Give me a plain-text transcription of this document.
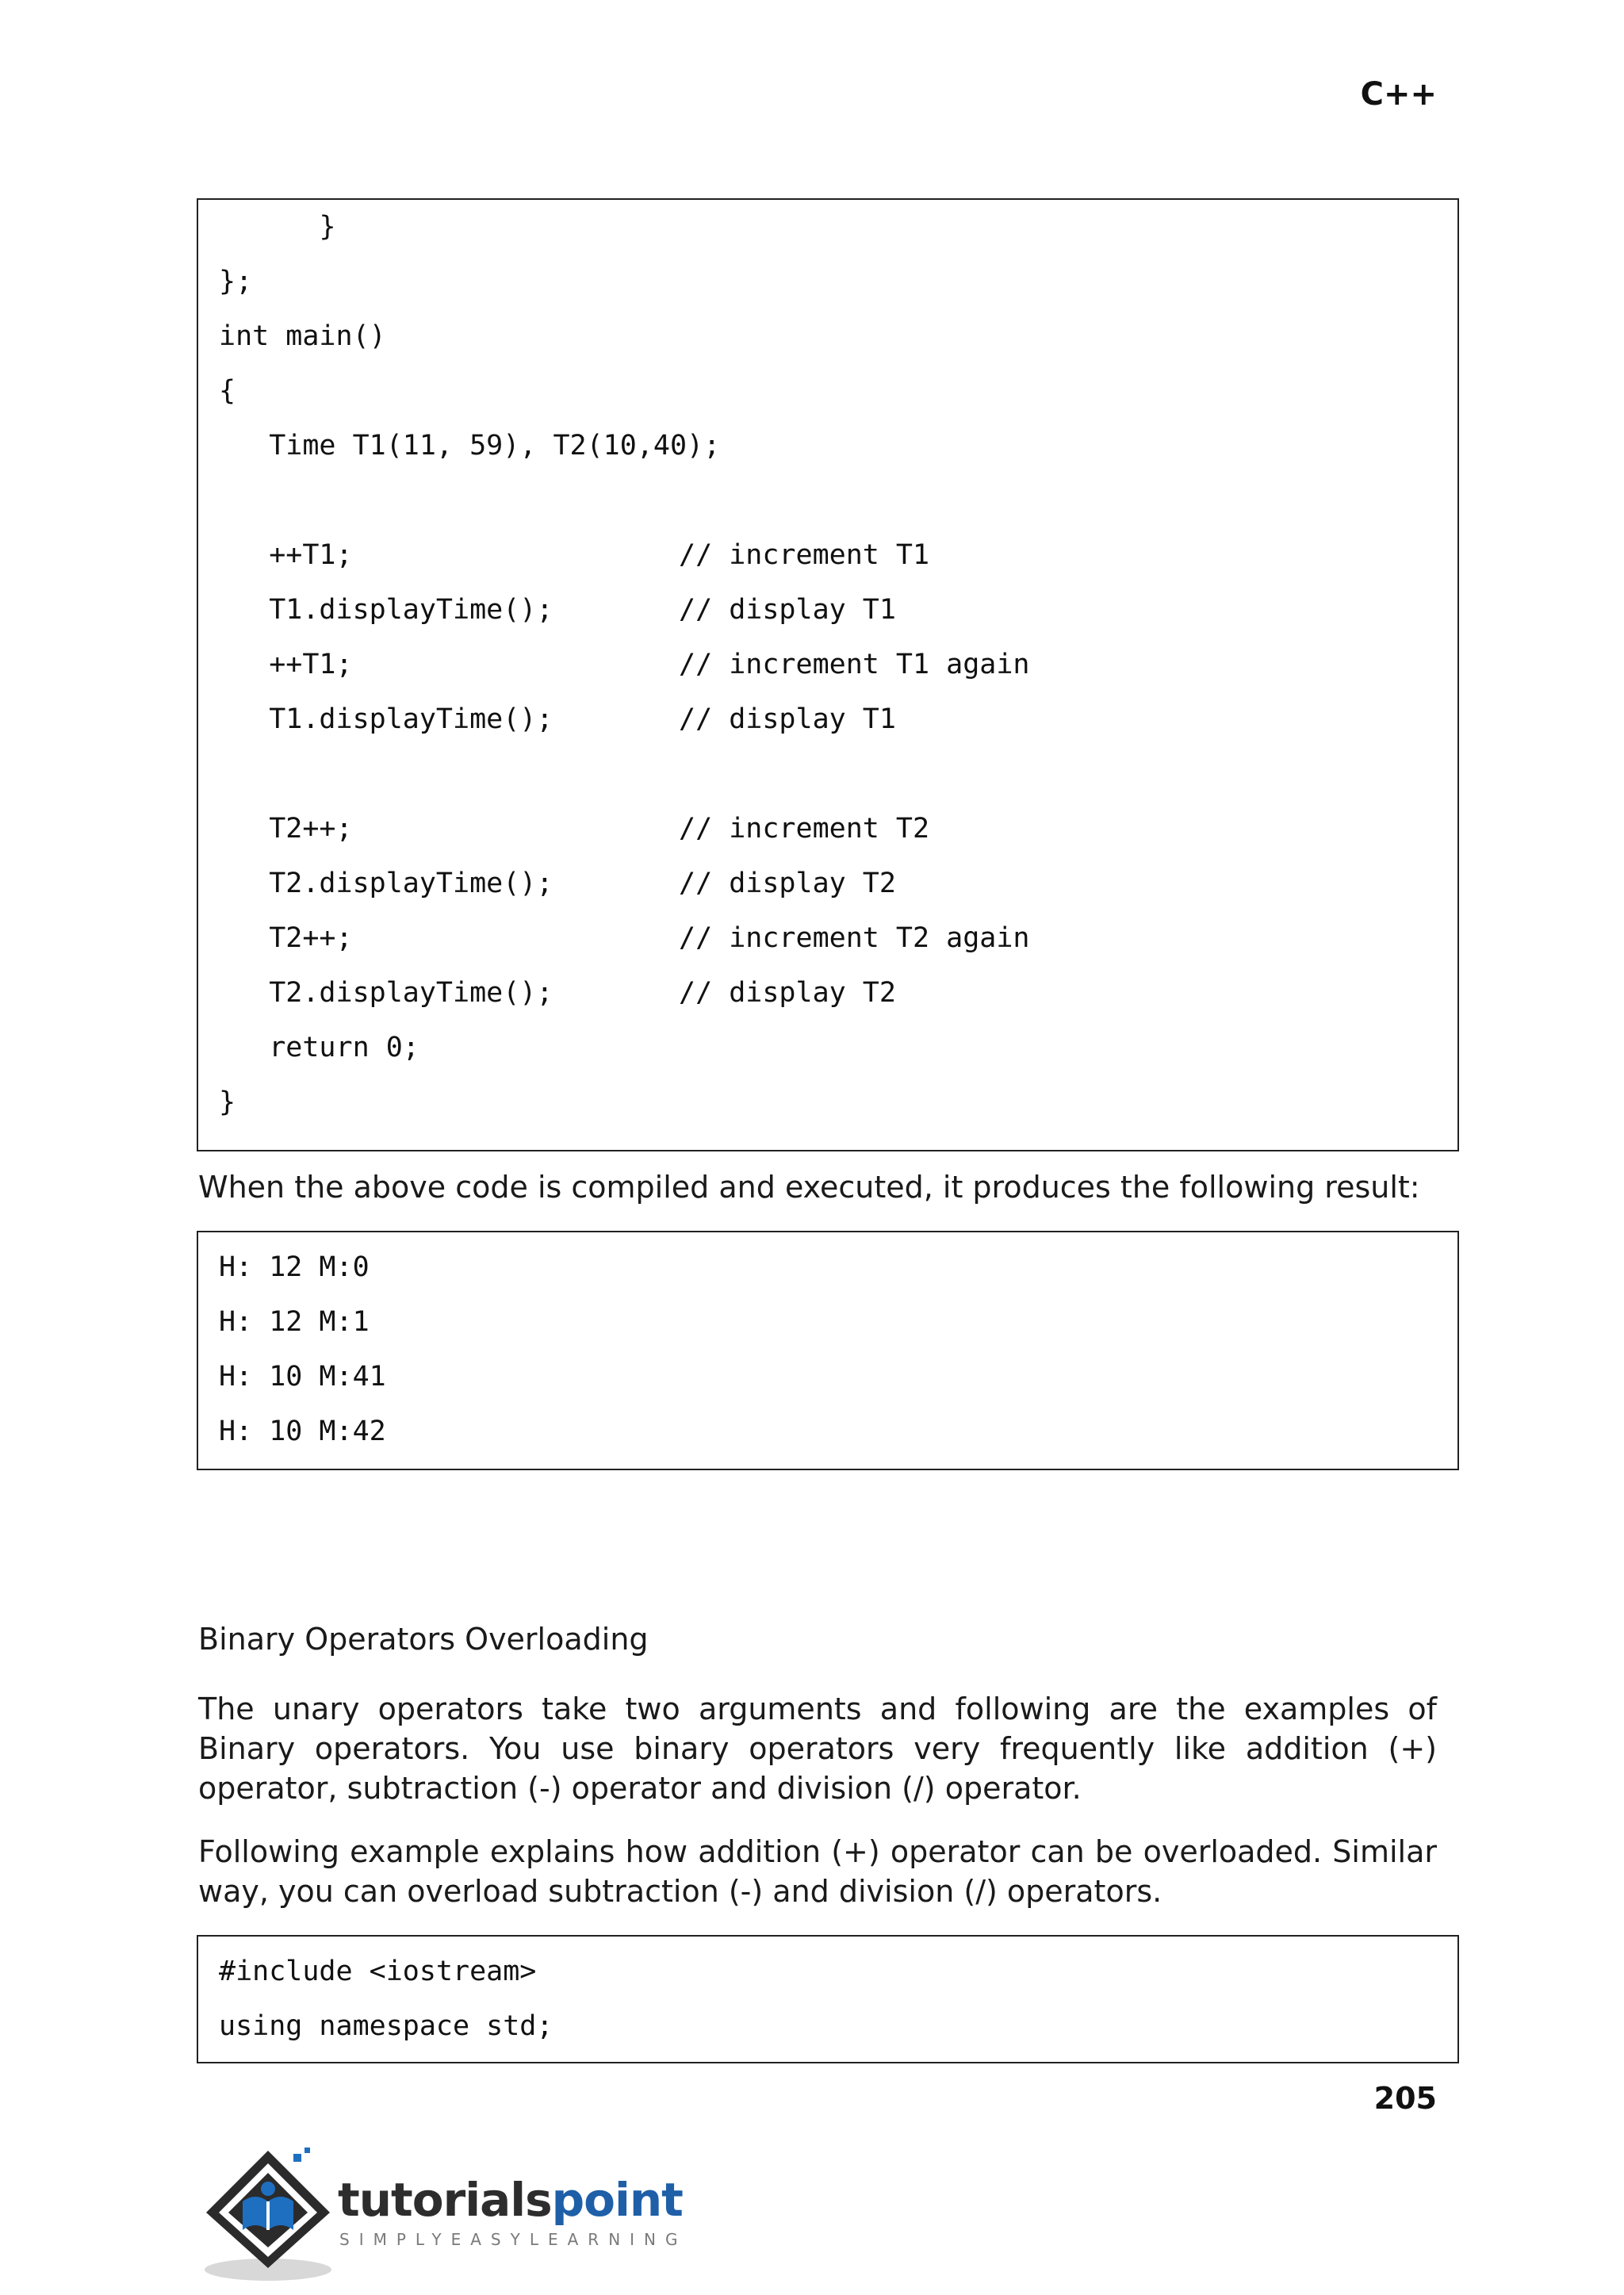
C++
}
};
int main()
{
Time T1(11, 59), T2(10,40);
++T1;	// increment T1
T1.displayTime();	// display T1
++T1;	// increment T1 again
T1.displayTime();	// display T1
T2++;	// increment T2
T2.displayTime();	// display T2
T2++;	// increment T2 again
T2.displayTime();	// display T2
return 0;
}
When the above code is compiled and executed, it produces the following result:
H: 12 M:0
H: 12 M:1
H: 10 M:41
H: 10 M:42
Binary Operators Overloading
The unary operators take two arguments and following are the examples of Binary operators. You use binary operators very frequently like addition (+) operator, subtraction (-) operator and division (/) operator.
Following example explains how addition (+) operator can be overloaded. Similar way, you can overload subtraction (-) and division (/) operators.
#include <iostream>
using namespace std;
205
tutorialspoint
SIMPLYEASYLEARNING
